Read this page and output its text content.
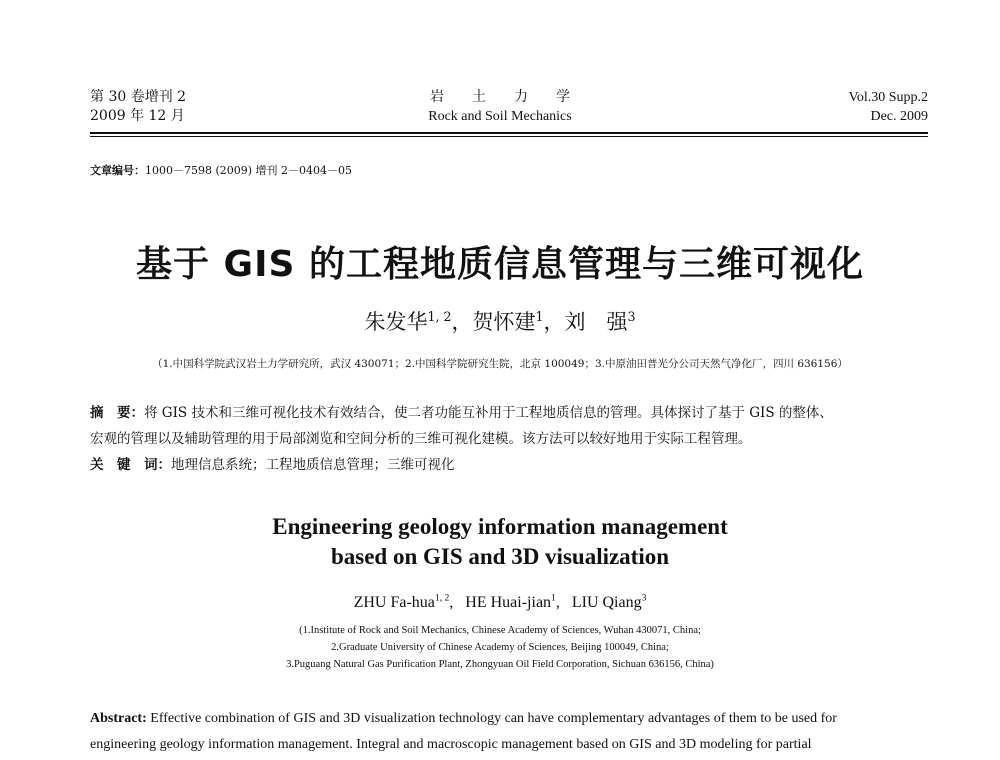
第 30 卷增刊 2
2009 年 12 月
岩　　土　　力　　学
Rock and Soil Mechanics
Vol.30 Supp.2
Dec. 2009
文章编号：1000－7598 (2009) 增刊 2－0404－05
基于 GIS 的工程地质信息管理与三维可视化
朱发华$^{1, 2}$，贺怀建$^1$，刘　强$^3$
（1.中国科学院武汉岩土力学研究所，武汉 430071；2.中国科学院研究生院，北京 100049；3.中原油田普光分公司天然气净化厂，四川 636156）
摘　要：将 GIS 技术和三维可视化技术有效结合，使二者功能互补用于工程地质信息的管理。具体探讨了基于 GIS 的整体、
宏观的管理以及辅助管理的用于局部浏览和空间分析的三维可视化建模。该方法可以较好地用于实际工程管理。
关　键　词：地理信息系统；工程地质信息管理；三维可视化
Engineering geology information management
based on GIS and 3D visualization
ZHU Fa-hua$^{1, 2}$,   HE Huai-jian$^1$,   LIU Qiang$^3$
(1.Institute of Rock and Soil Mechanics, Chinese Academy of Sciences, Wuhan 430071, China;
2.Graduate University of Chinese Academy of Sciences, Beijing 100049, China;
3.Puguang Natural Gas Purification Plant, Zhongyuan Oil Field Corporation, Sichuan 636156, China)
Abstract: Effective combination of GIS and 3D visualization technology can have complementary advantages of them to be used for
engineering geology information management. Integral and macroscopic management based on GIS and 3D modeling for partial
